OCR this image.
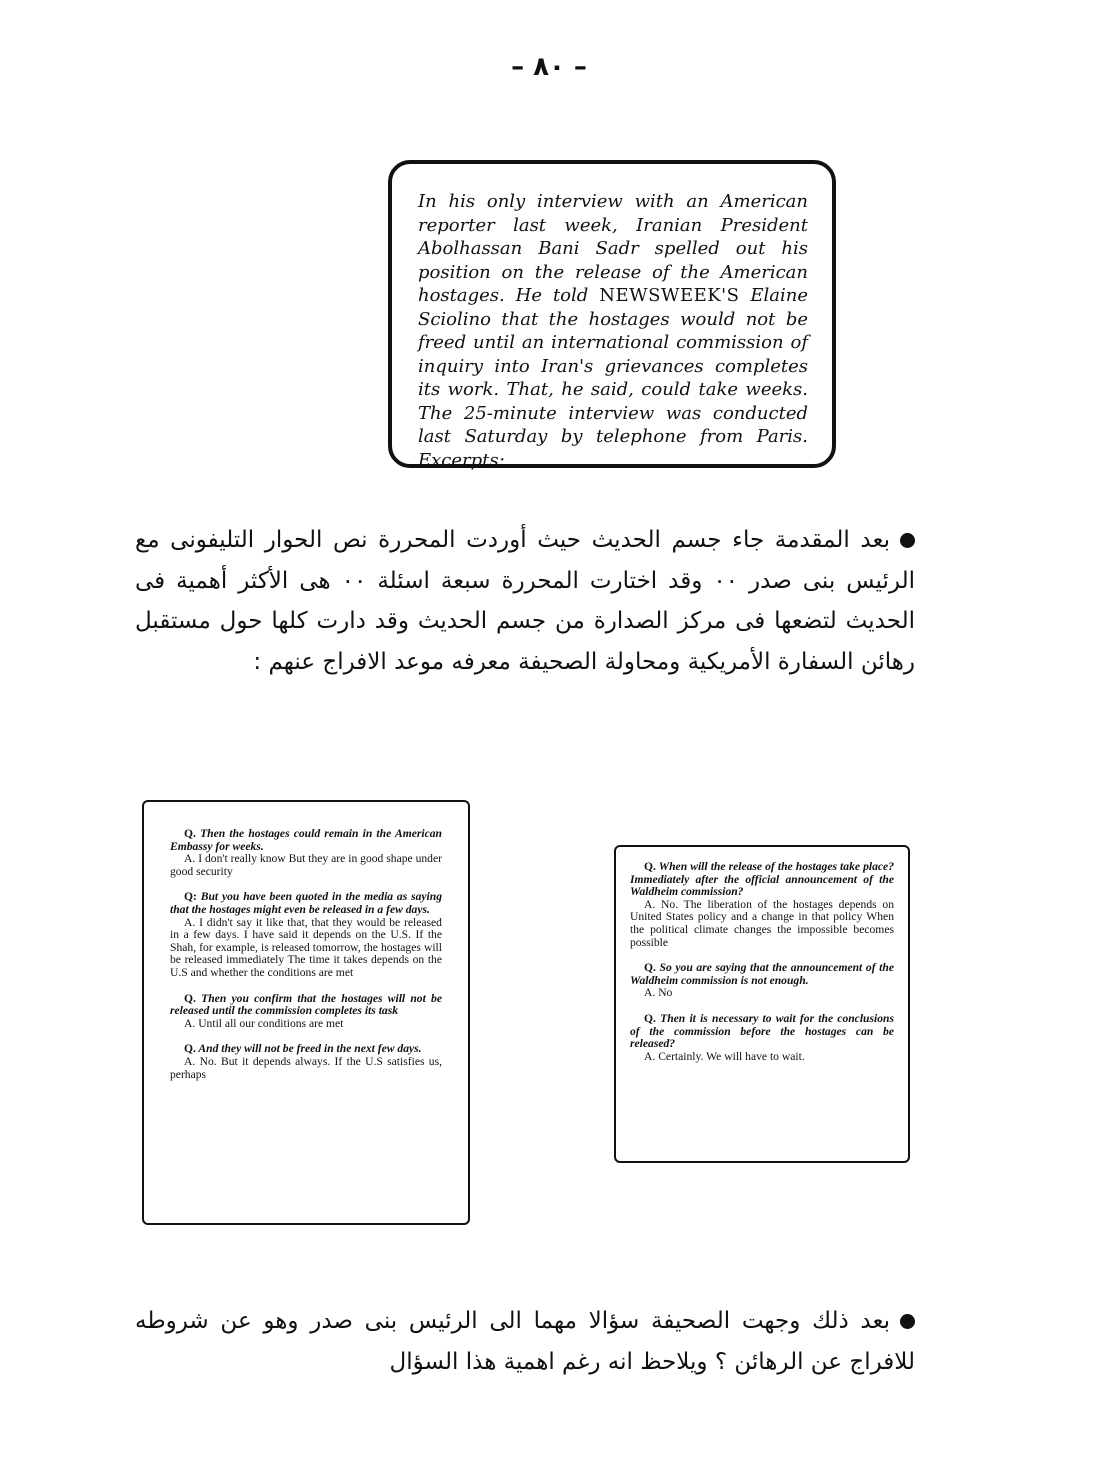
– ٨٠ –
In his only interview with an American reporter last week, Iranian President Abolhassan Bani Sadr spelled out his position on the release of the American hostages. He told NEWSWEEK'S Elaine Sciolino that the hostages would not be freed until an international commission of inquiry into Iran's grievances completes its work. That, he said, could take weeks. The 25-minute interview was conducted last Saturday by telephone from Paris. Excerpts:
بعد المقدمة جاء جسم الحديث حيث أوردت المحررة نص الحوار التليفونى مع الرئيس بنى صدر ٠٠ وقد اختارت المحررة سبعة اسئلة ٠٠ هى الأكثر أهمية فى الحديث لتضعها فى مركز الصدارة من جسم الحديث وقد دارت كلها حول مستقبل رهائن السفارة الأمريكية ومحاولة الصحيفة معرفه موعد الافراج عنهم :
Q. Then the hostages could remain in the American Embassy for weeks.
A. I don't really know But they are in good shape under good security
Q: But you have been quoted in the media as saying that the hostages might even be released in a few days.
A. I didn't say it like that, that they would be released in a few days. I have said it depends on the U.S. If the Shah, for example, is released tomorrow, the hostages will be released immediately The time it takes depends on the U.S and whether the conditions are met
Q. Then you confirm that the hostages will not be released until the commission completes its task
A. Until all our conditions are met
Q. And they will not be freed in the next few days.
A. No. But it depends always. If the U.S satisfies us, perhaps
Q. When will the release of the hostages take place? Immediately after the official announcement of the Waldheim commission?
A. No. The liberation of the hostages depends on United States policy and a change in that policy When the political climate changes the impossible becomes possible
Q. So you are saying that the announcement of the Waldheim commission is not enough.
A. No
Q. Then it is necessary to wait for the conclusions of the commission before the hostages can be released?
A. Certainly. We will have to wait.
بعد ذلك وجهت الصحيفة سؤالا مهما الى الرئيس بنى صدر وهو عن شروطه للافراج عن الرهائن ؟ ويلاحظ انه رغم اهمية هذا السؤال
